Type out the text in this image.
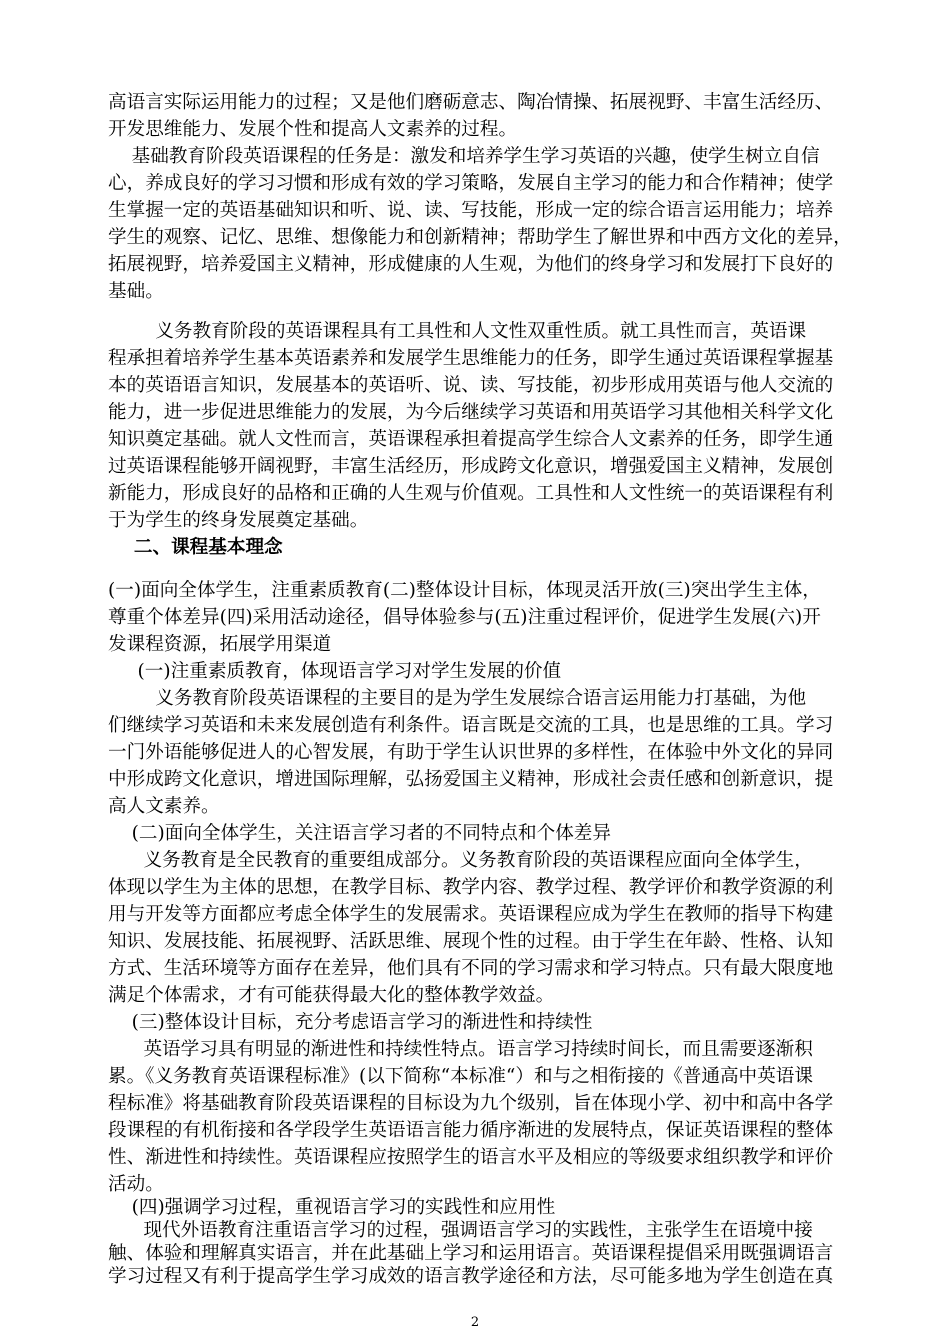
高语言实际运用能力的过程；又是他们磨砺意志、陶冶情操、拓展视野、丰富生活经历、
开发思维能力、发展个性和提高人文素养的过程。
基础教育阶段英语课程的任务是：激发和培养学生学习英语的兴趣，使学生树立自信
心，养成良好的学习习惯和形成有效的学习策略，发展自主学习的能力和合作精神；使学
生掌握一定的英语基础知识和听、说、读、写技能，形成一定的综合语言运用能力；培养
学生的观察、记忆、思维、想像能力和创新精神；帮助学生了解世界和中西方文化的差异，
拓展视野，培养爱国主义精神，形成健康的人生观，为他们的终身学习和发展打下良好的
基础。
义务教育阶段的英语课程具有工具性和人文性双重性质。就工具性而言，英语课
程承担着培养学生基本英语素养和发展学生思维能力的任务，即学生通过英语课程掌握基
本的英语语言知识，发展基本的英语听、说、读、写技能，初步形成用英语与他人交流的
能力，进一步促进思维能力的发展，为今后继续学习英语和用英语学习其他相关科学文化
知识奠定基础。就人文性而言，英语课程承担着提高学生综合人文素养的任务，即学生通
过英语课程能够开阔视野，丰富生活经历，形成跨文化意识，增强爱国主义精神，发展创
新能力，形成良好的品格和正确的人生观与价值观。工具性和人文性统一的英语课程有利
于为学生的终身发展奠定基础。
二、课程基本理念
(一)面向全体学生，注重素质教育(二)整体设计目标，体现灵活开放(三)突出学生主体，
尊重个体差异(四)采用活动途径，倡导体验参与(五)注重过程评价，促进学生发展(六)开
发课程资源，拓展学用渠道
(一)注重素质教育，体现语言学习对学生发展的价值
义务教育阶段英语课程的主要目的是为学生发展综合语言运用能力打基础，为他
们继续学习英语和未来发展创造有利条件。语言既是交流的工具，也是思维的工具。学习
一门外语能够促进人的心智发展，有助于学生认识世界的多样性，在体验中外文化的异同
中形成跨文化意识，增进国际理解，弘扬爱国主义精神，形成社会责任感和创新意识，提
高人文素养。
(二)面向全体学生，关注语言学习者的不同特点和个体差异
义务教育是全民教育的重要组成部分。义务教育阶段的英语课程应面向全体学生，
体现以学生为主体的思想，在教学目标、教学内容、教学过程、教学评价和教学资源的利
用与开发等方面都应考虑全体学生的发展需求。英语课程应成为学生在教师的指导下构建
知识、发展技能、拓展视野、活跃思维、展现个性的过程。由于学生在年龄、性格、认知
方式、生活环境等方面存在差异，他们具有不同的学习需求和学习特点。只有最大限度地
满足个体需求，才有可能获得最大化的整体教学效益。
(三)整体设计目标，充分考虑语言学习的渐进性和持续性
英语学习具有明显的渐进性和持续性特点。语言学习持续时间长，而且需要逐渐积
累。《义务教育英语课程标准》(以下简称“本标准“）和与之相衔接的《普通高中英语课
程标准》将基础教育阶段英语课程的目标设为九个级别，旨在体现小学、初中和高中各学
段课程的有机衔接和各学段学生英语语言能力循序渐进的发展特点，保证英语课程的整体
性、渐进性和持续性。英语课程应按照学生的语言水平及相应的等级要求组织教学和评价
活动。
(四)强调学习过程，重视语言学习的实践性和应用性
现代外语教育注重语言学习的过程，强调语言学习的实践性，主张学生在语境中接
触、体验和理解真实语言，并在此基础上学习和运用语言。英语课程提倡采用既强调语言
学习过程又有利于提高学生学习成效的语言教学途径和方法，尽可能多地为学生创造在真
2
